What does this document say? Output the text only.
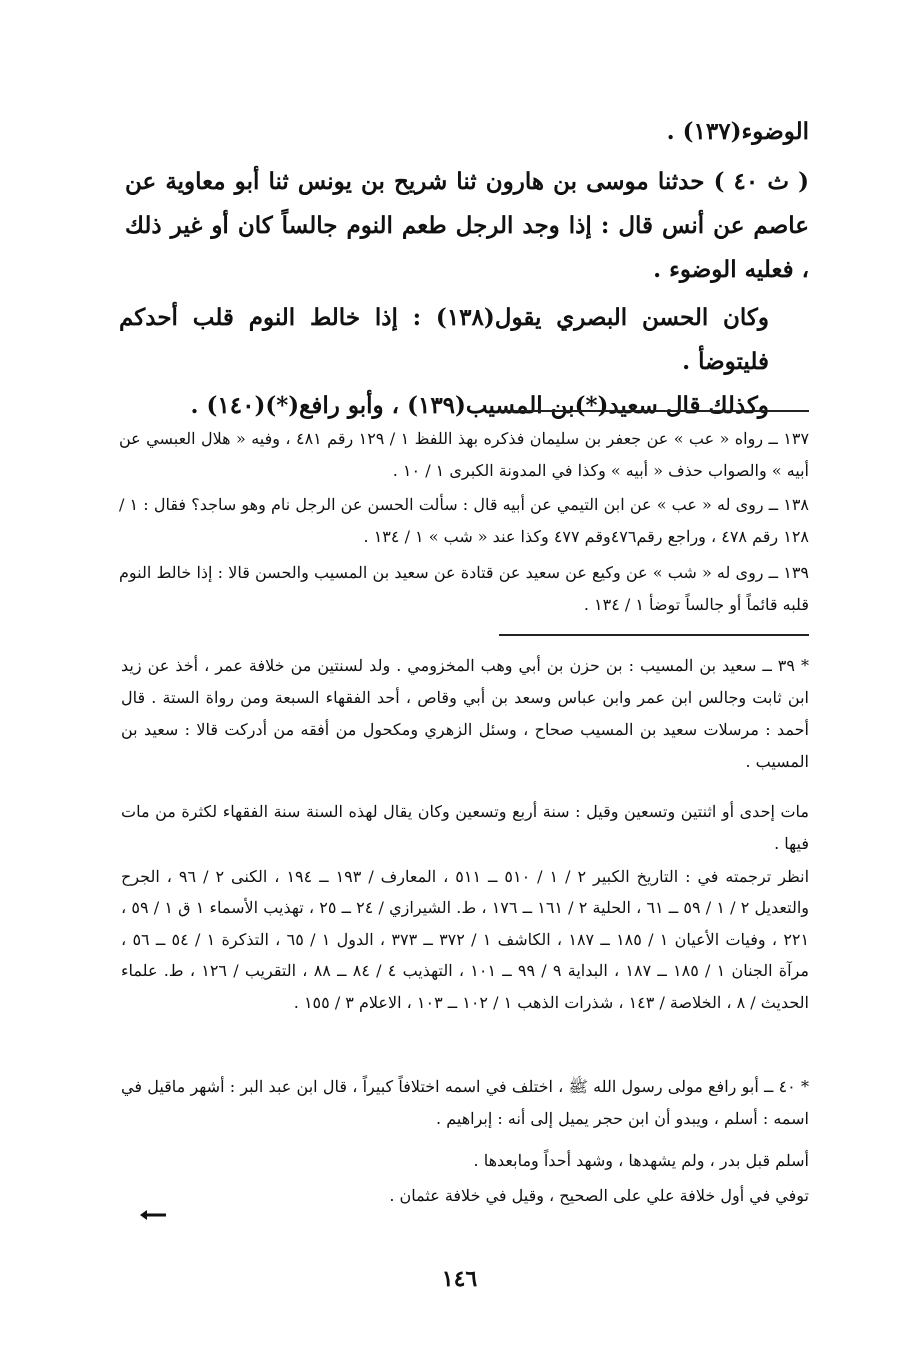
الوضوء(١٣٧) .

( ث ٤٠ ) حدثنا موسى بن هارون ثنا شريح بن يونس ثنا أبو معاوية عن عاصم عن أنس قال : إذا وجد الرجل طعم النوم جالساً كان أو غير ذلك ، فعليه الوضوء .

وكان الحسن البصري يقول(١٣٨) : إذا خالط النوم قلب أحدكم فليتوضأ .
وكذلك قال سعيد(*)بن المسيب(١٣٩) ، وأبو رافع(*)(١٤٠) .

١٣٧ ــ رواه « عب » عن جعفر بن سليمان فذكره بهذ اللفظ ١ / ١٢٩ رقم ٤٨١ ، وفيه « هلال العبسي عن أبيه » والصواب حذف « أبيه » وكذا في المدونة الكبرى ١ / ١٠ .

١٣٨ ــ روى له « عب » عن ابن التيمي عن أبيه قال : سألت الحسن عن الرجل نام وهو ساجد؟ فقال : ١ / ١٢٨ رقم ٤٧٨ ، وراجع رقم٤٧٦وقم ٤٧٧ وكذا عند « شب » ١ / ١٣٤ .

١٣٩ ــ روى له « شب » عن وكيع عن سعيد عن قتادة عن سعيد بن المسيب والحسن قالا : إذا خالط النوم قلبه قائماً أو جالساً توضأ ١ / ١٣٤ .

* ٣٩ ــ سعيد بن المسيب : بن حزن بن أبي وهب المخزومي . ولد لسنتين من خلافة عمر ، أخذ عن زيد ابن ثابت وجالس ابن عمر وابن عباس وسعد بن أبي وقاص ، أحد الفقهاء السبعة ومن رواة الستة . قال أحمد : مرسلات سعيد بن المسيب صحاح ، وسئل الزهري ومكحول من أفقه من أدركت قالا : سعيد بن المسيب .

مات إحدى أو اثنتين وتسعين وقيل : سنة أربع وتسعين وكان يقال لهذه السنة سنة الفقهاء لكثرة من مات فيها .

انظر ترجمته في : التاريخ الكبير ٢ / ١ / ٥١٠ ــ ٥١١ ، المعارف / ١٩٣ ــ ١٩٤ ، الكنى ٢ / ٩٦ ، الجرح والتعديل ٢ / ١ / ٥٩ ــ ٦١ ، الحلية ٢ / ١٦١ ــ ١٧٦ ، ط. الشيرازي / ٢٤ ــ ٢٥ ، تهذيب الأسماء ١ ق ١ / ٥٩ ، ٢٢١ ، وفيات الأعيان ١ / ١٨٥ ــ ١٨٧ ، الكاشف ١ / ٣٧٢ ــ ٣٧٣ ، الدول ١ / ٦٥ ، التذكرة ١ / ٥٤ ــ ٥٦ ، مرآة الجنان ١ / ١٨٥ ــ ١٨٧ ، البداية ٩ / ٩٩ ــ ١٠١ ، التهذيب ٤ / ٨٤ ــ ٨٨ ، التقريب / ١٢٦ ، ط. علماء الحديث / ٨ ، الخلاصة / ١٤٣ ، شذرات الذهب ١ / ١٠٢ ــ ١٠٣ ، الاعلام ٣ / ١٥٥ .

* ٤٠ ــ أبو رافع مولى رسول الله ﷺ ، اختلف في اسمه اختلافاً كبيراً ، قال ابن عبد البر : أشهر ماقيل في اسمه : أسلم ، ويبدو أن ابن حجر يميل إلى أنه : إبراهيم .

أسلم قبل بدر ، ولم يشهدها ، وشهد أحداً ومابعدها .

توفي في أول خلافة علي على الصحيح ، وقيل في خلافة عثمان .

١٤٦
